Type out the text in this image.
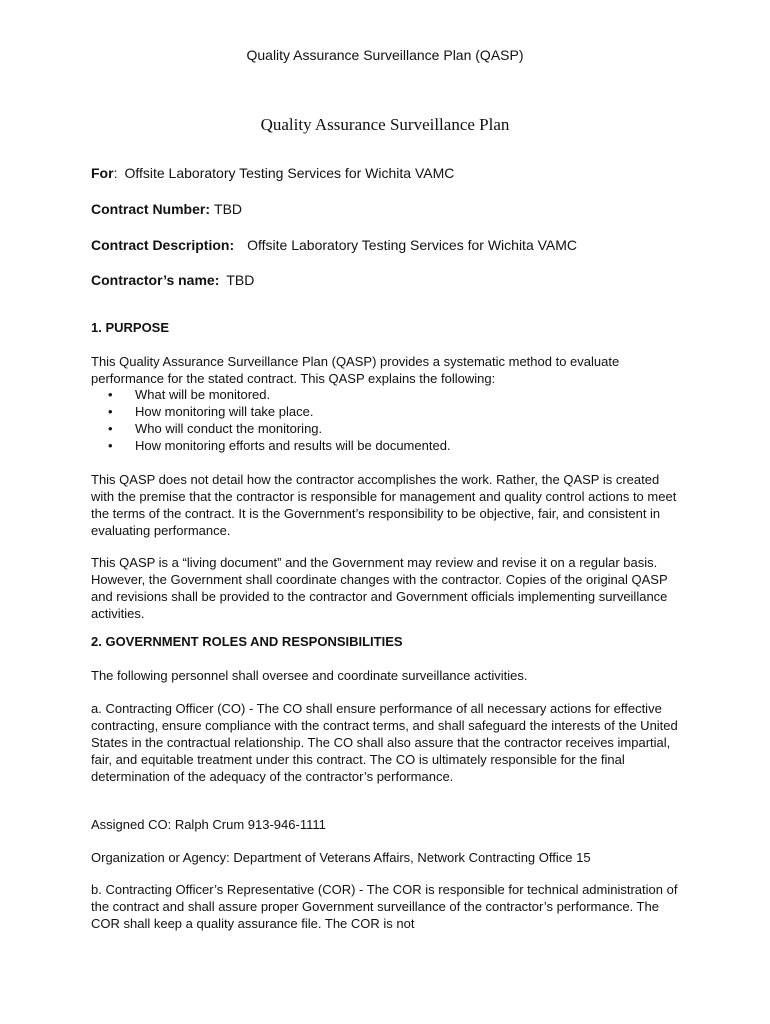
Quality Assurance Surveillance Plan (QASP)
Quality Assurance Surveillance Plan
For: Offsite Laboratory Testing Services for Wichita VAMC
Contract Number: TBD
Contract Description: Offsite Laboratory Testing Services for Wichita VAMC
Contractor’s name: TBD
1. PURPOSE
This Quality Assurance Surveillance Plan (QASP) provides a systematic method to evaluate performance for the stated contract. This QASP explains the following:
• What will be monitored.
• How monitoring will take place.
• Who will conduct the monitoring.
• How monitoring efforts and results will be documented.
This QASP does not detail how the contractor accomplishes the work. Rather, the QASP is created with the premise that the contractor is responsible for management and quality control actions to meet the terms of the contract. It is the Government’s responsibility to be objective, fair, and consistent in evaluating performance.
This QASP is a “living document” and the Government may review and revise it on a regular basis. However, the Government shall coordinate changes with the contractor. Copies of the original QASP and revisions shall be provided to the contractor and Government officials implementing surveillance activities.
2. GOVERNMENT ROLES AND RESPONSIBILITIES
The following personnel shall oversee and coordinate surveillance activities.
a. Contracting Officer (CO) - The CO shall ensure performance of all necessary actions for effective contracting, ensure compliance with the contract terms, and shall safeguard the interests of the United States in the contractual relationship. The CO shall also assure that the contractor receives impartial, fair, and equitable treatment under this contract. The CO is ultimately responsible for the final determination of the adequacy of the contractor’s performance.
Assigned CO: Ralph Crum 913-946-1111
Organization or Agency: Department of Veterans Affairs, Network Contracting Office 15
b. Contracting Officer’s Representative (COR) - The COR is responsible for technical administration of the contract and shall assure proper Government surveillance of the contractor’s performance. The COR shall keep a quality assurance file. The COR is not
